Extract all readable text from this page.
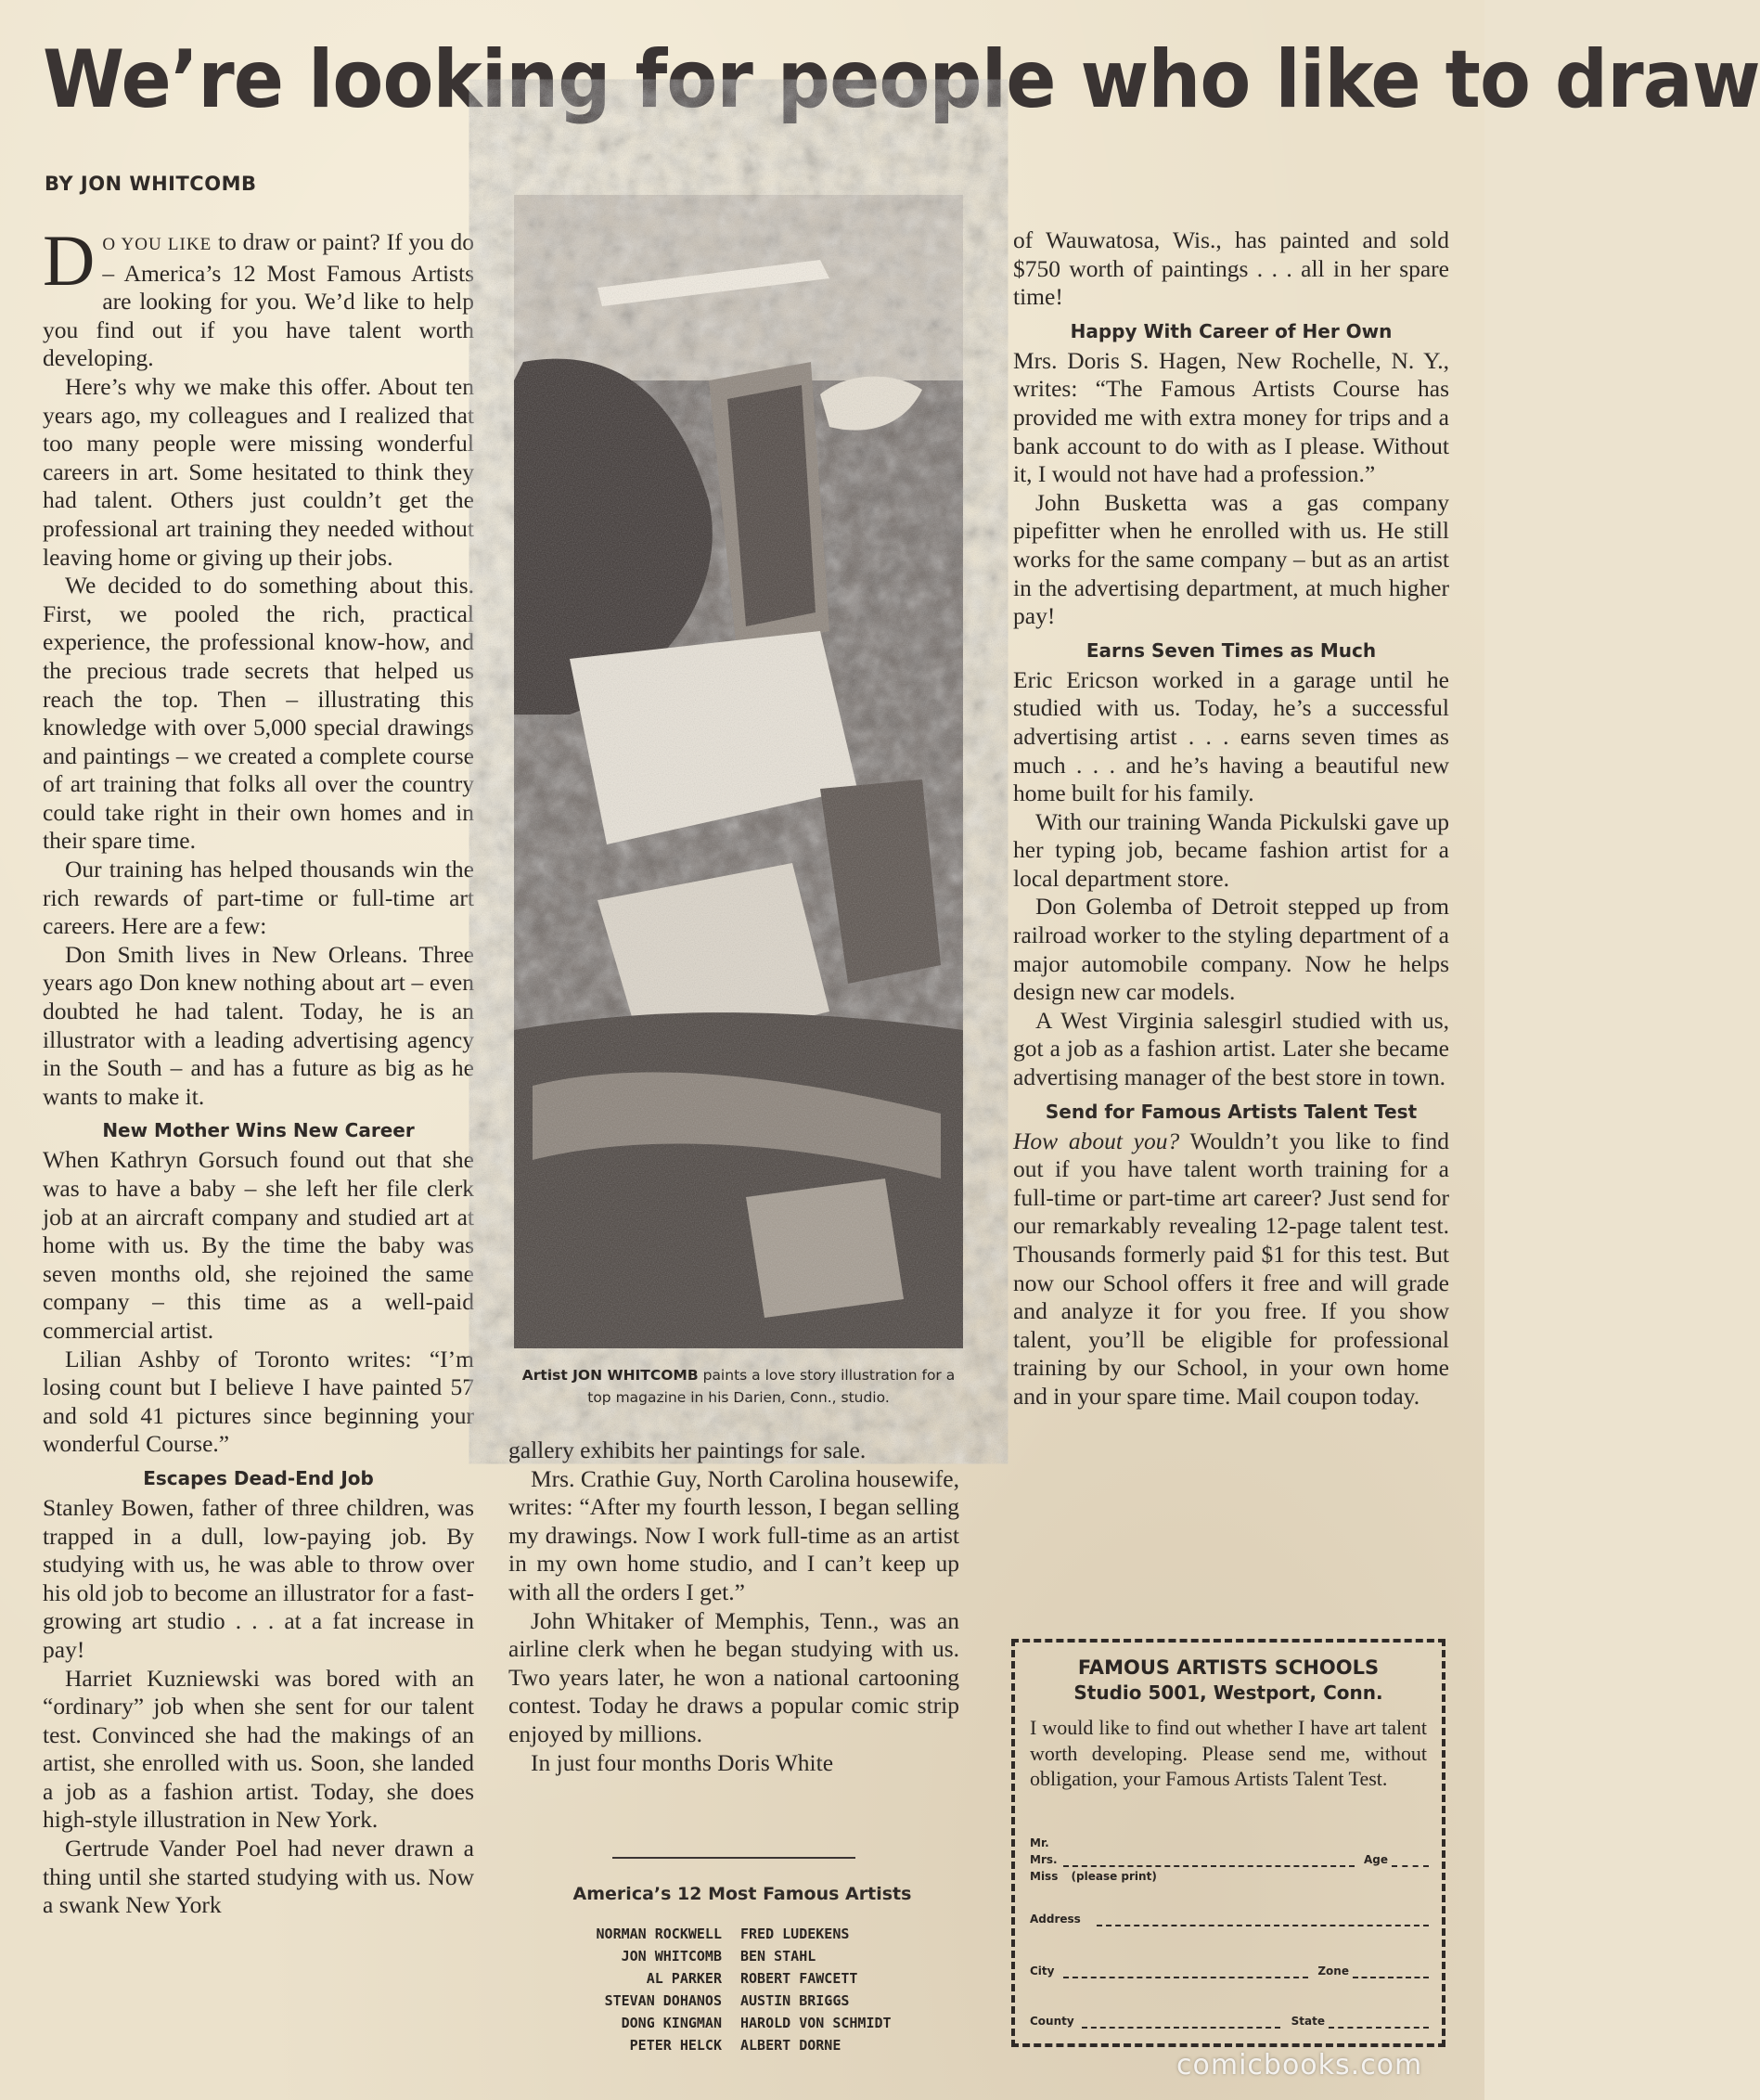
We’re looking for people who like to draw

BY JON WHITCOMB

DO YOU LIKE to draw or paint? If you do – America’s 12 Most Famous Artists are looking for you. We’d like to help you find out if you have talent worth developing.

Here’s why we make this offer. About ten years ago, my colleagues and I realized that too many people were missing wonderful careers in art. Some hesitated to think they had talent. Others just couldn’t get the professional art training they needed without leaving home or giving up their jobs.

We decided to do something about this. First, we pooled the rich, practical experience, the professional know-how, and the precious trade secrets that helped us reach the top. Then – illustrating this knowledge with over 5,000 special drawings and paintings – we created a complete course of art training that folks all over the country could take right in their own homes and in their spare time.

Our training has helped thousands win the rich rewards of part-time or full-time art careers. Here are a few:

Don Smith lives in New Orleans. Three years ago Don knew nothing about art – even doubted he had talent. Today, he is an illustrator with a leading advertising agency in the South – and has a future as big as he wants to make it.

New Mother Wins New Career

When Kathryn Gorsuch found out that she was to have a baby – she left her file clerk job at an aircraft company and studied art at home with us. By the time the baby was seven months old, she rejoined the same company – this time as a well-paid commercial artist.

Lilian Ashby of Toronto writes: “I’m losing count but I believe I have painted 57 and sold 41 pictures since beginning your wonderful Course.”

Escapes Dead-End Job

Stanley Bowen, father of three children, was trapped in a dull, low-paying job. By studying with us, he was able to throw over his old job to become an illustrator for a fast-growing art studio . . . at a fat increase in pay!

Harriet Kuzniewski was bored with an “ordinary” job when she sent for our talent test. Convinced she had the makings of an artist, she enrolled with us. Soon, she landed a job as a fashion artist. Today, she does high-style illustration in New York.

Gertrude Vander Poel had never drawn a thing until she started studying with us. Now a swank New York

Artist JON WHITCOMB paints a love story illustration for a top magazine in his Darien, Conn., studio.

gallery exhibits her paintings for sale.

Mrs. Crathie Guy, North Carolina housewife, writes: “After my fourth lesson, I began selling my drawings. Now I work full-time as an artist in my own home studio, and I can’t keep up with all the orders I get.”

John Whitaker of Memphis, Tenn., was an airline clerk when he began studying with us. Two years later, he won a national cartooning contest. Today he draws a popular comic strip enjoyed by millions.

In just four months Doris White

America’s 12 Most Famous Artists

NORMAN ROCKWELL FRED LUDEKENS
JON WHITCOMB BEN STAHL
AL PARKER ROBERT FAWCETT
STEVAN DOHANOS AUSTIN BRIGGS
DONG KINGMAN HAROLD VON SCHMIDT
PETER HELCK ALBERT DORNE

of Wauwatosa, Wis., has painted and sold $750 worth of paintings . . . all in her spare time!

Happy With Career of Her Own

Mrs. Doris S. Hagen, New Rochelle, N. Y., writes: “The Famous Artists Course has provided me with extra money for trips and a bank account to do with as I please. Without it, I would not have had a profession.”

John Busketta was a gas company pipefitter when he enrolled with us. He still works for the same company – but as an artist in the advertising department, at much higher pay!

Earns Seven Times as Much

Eric Ericson worked in a garage until he studied with us. Today, he’s a successful advertising artist . . . earns seven times as much . . . and he’s having a beautiful new home built for his family.

With our training Wanda Pickulski gave up her typing job, became fashion artist for a local department store.

Don Golemba of Detroit stepped up from railroad worker to the styling department of a major automobile company. Now he helps design new car models.

A West Virginia salesgirl studied with us, got a job as a fashion artist. Later she became advertising manager of the best store in town.

Send for Famous Artists Talent Test

How about you? Wouldn’t you like to find out if you have talent worth training for a full-time or part-time art career? Just send for our remarkably revealing 12-page talent test. Thousands formerly paid $1 for this test. But now our School offers it free and will grade and analyze it for you free. If you show talent, you’ll be eligible for professional training by our School, in your own home and in your spare time. Mail coupon today.

FAMOUS ARTISTS SCHOOLS

Studio 5001, Westport, Conn.

I would like to find out whether I have art talent worth developing. Please send me, without obligation, your Famous Artists Talent Test.

Mr.
Mrs.	Age
Miss (please print)
Address
City	Zone
County	State

comicbooks.com
